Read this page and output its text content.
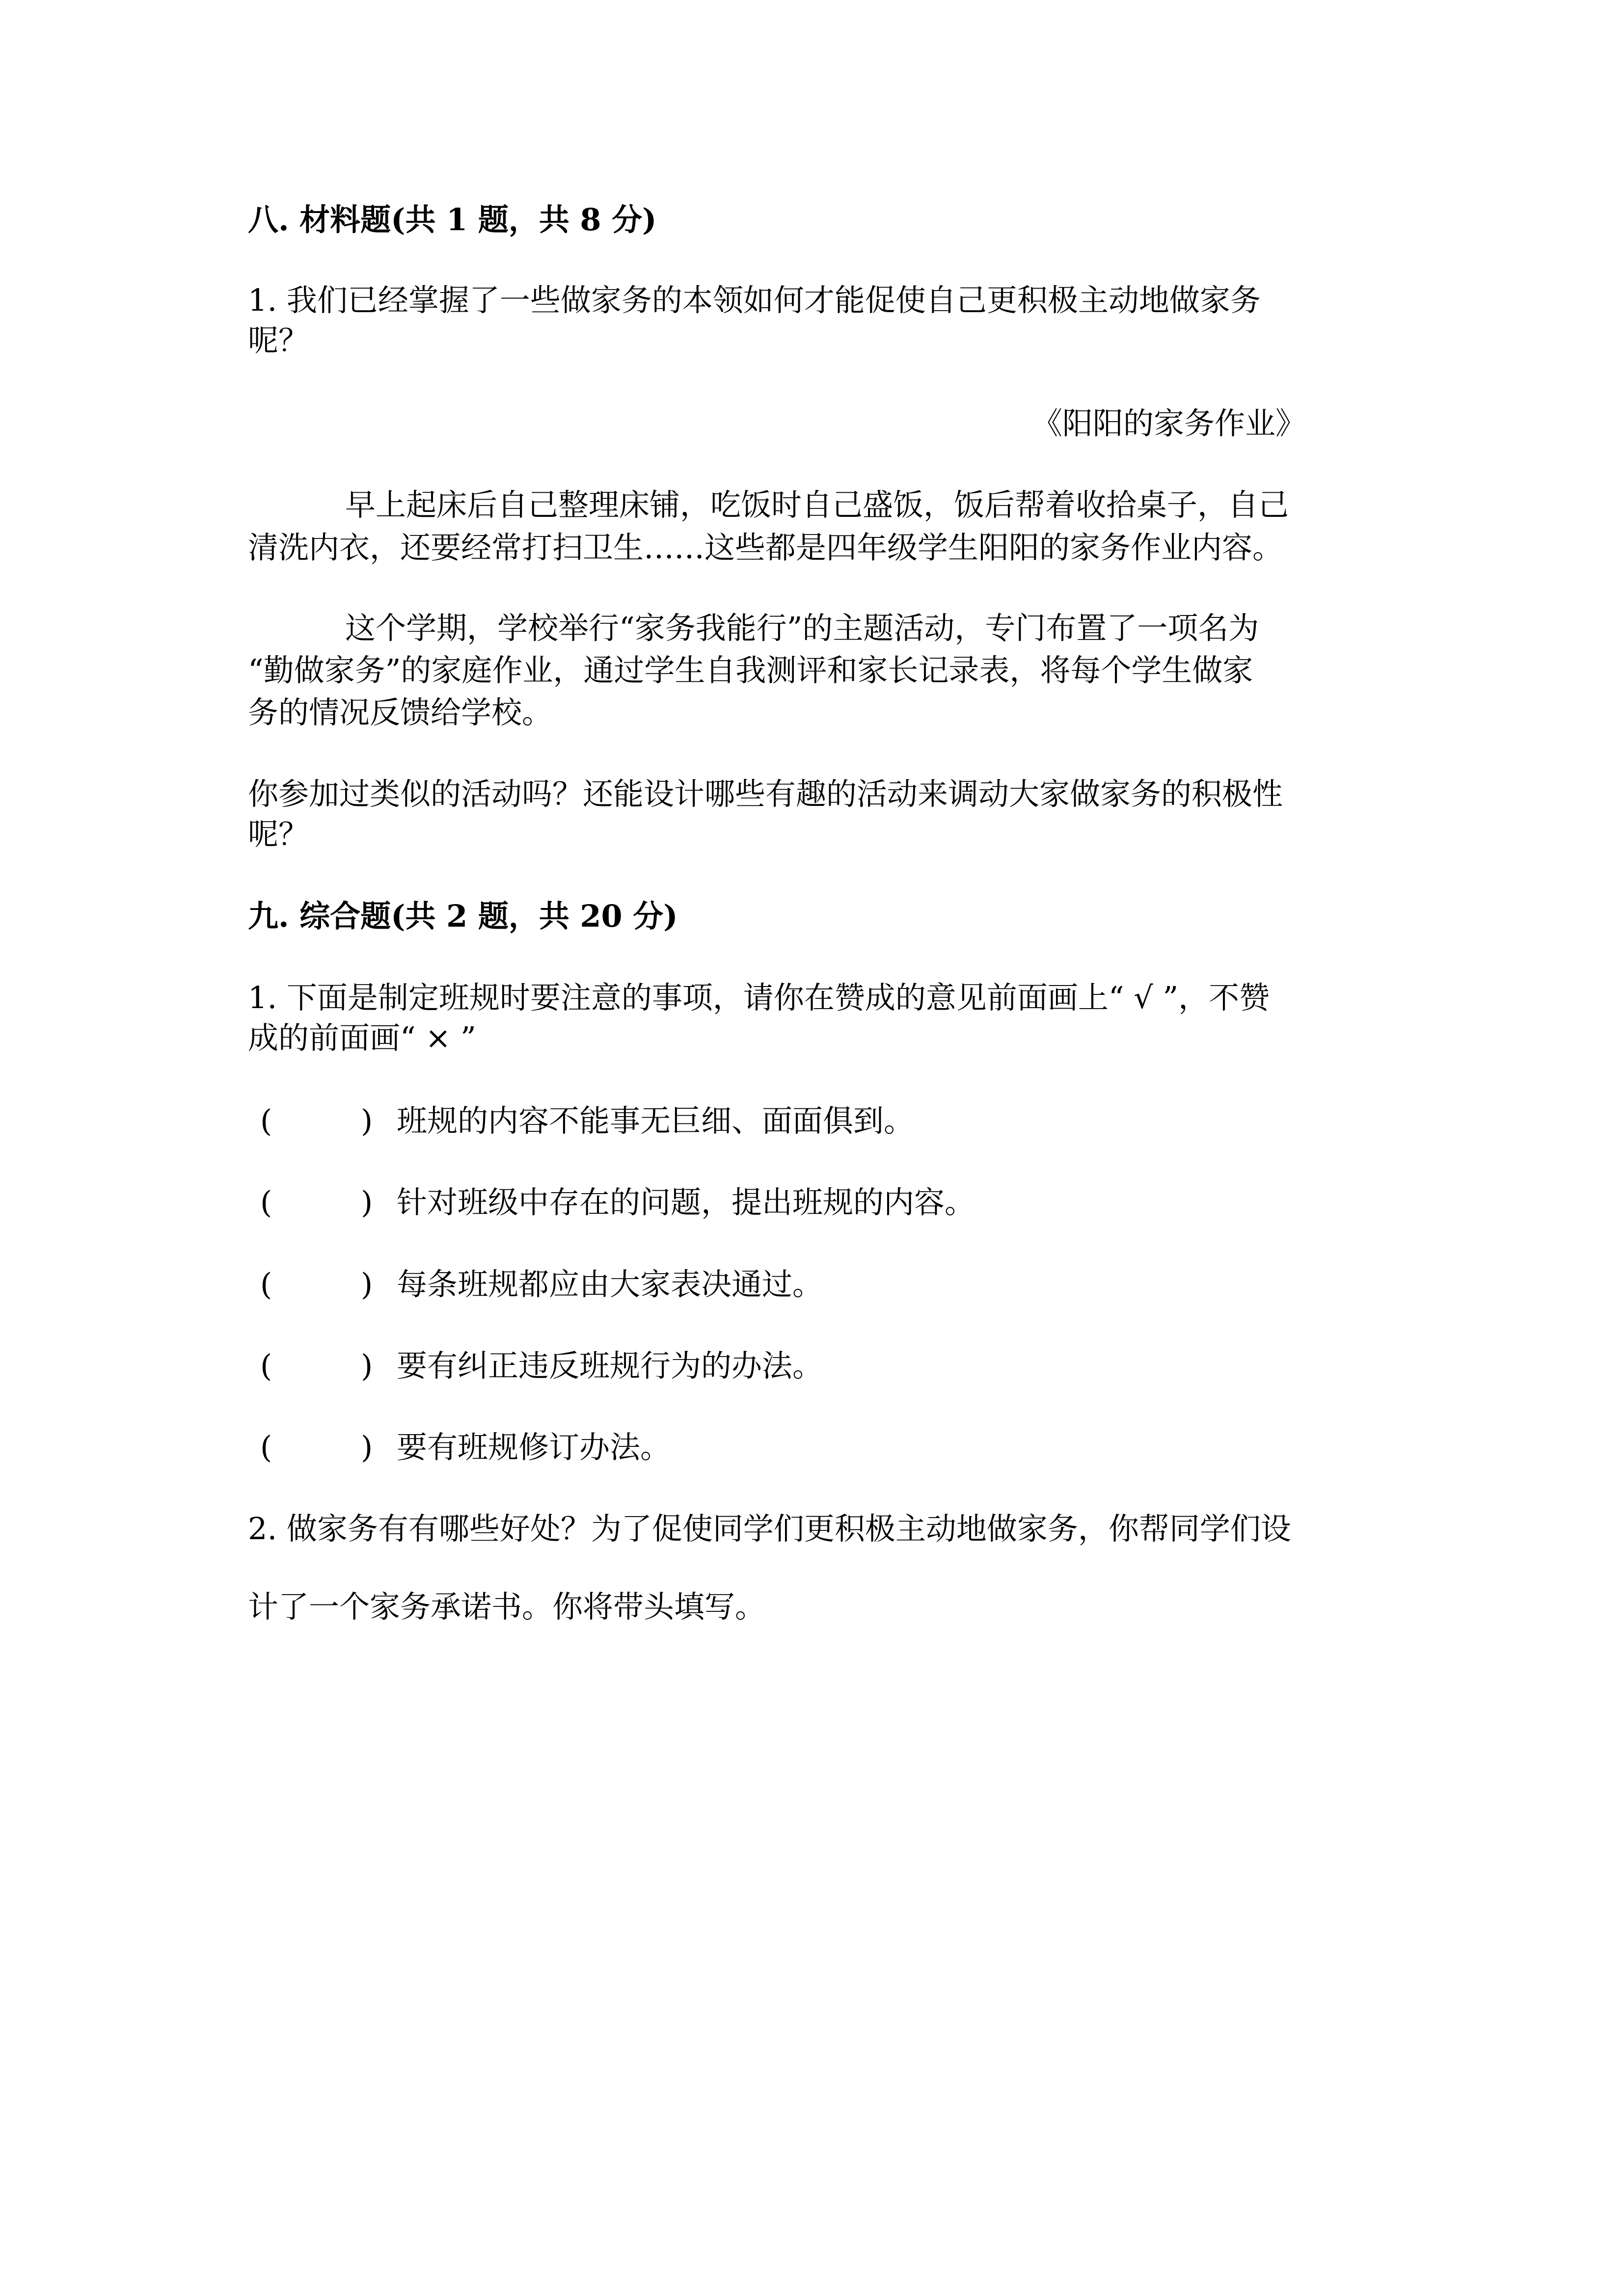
八. 材料题(共 1 题，共 8 分)
1. 我们已经掌握了一些做家务的本领如何才能促使自己更积极主动地做家务
呢？
《阳阳的家务作业》
早上起床后自己整理床铺，吃饭时自己盛饭，饭后帮着收拾桌子，自己
清洗内衣，还要经常打扫卫生……这些都是四年级学生阳阳的家务作业内容。
这个学期，学校举行“家务我能行”的主题活动，专门布置了一项名为
“勤做家务”的家庭作业，通过学生自我测评和家长记录表，将每个学生做家
务的情况反馈给学校。
你参加过类似的活动吗？还能设计哪些有趣的活动来调动大家做家务的积极性
呢？
九. 综合题(共 2 题，共 20 分)
1. 下面是制定班规时要注意的事项，请你在赞成的意见前面画上“ √ ”，不赞
成的前面画“ × ”
(	) 班规的内容不能事无巨细、面面俱到。
(	) 针对班级中存在的问题，提出班规的内容。
(	) 每条班规都应由大家表决通过。
(	) 要有纠正违反班规行为的办法。
(	) 要有班规修订办法。
2. 做家务有有哪些好处？为了促使同学们更积极主动地做家务，你帮同学们设
计了一个家务承诺书。你将带头填写。
